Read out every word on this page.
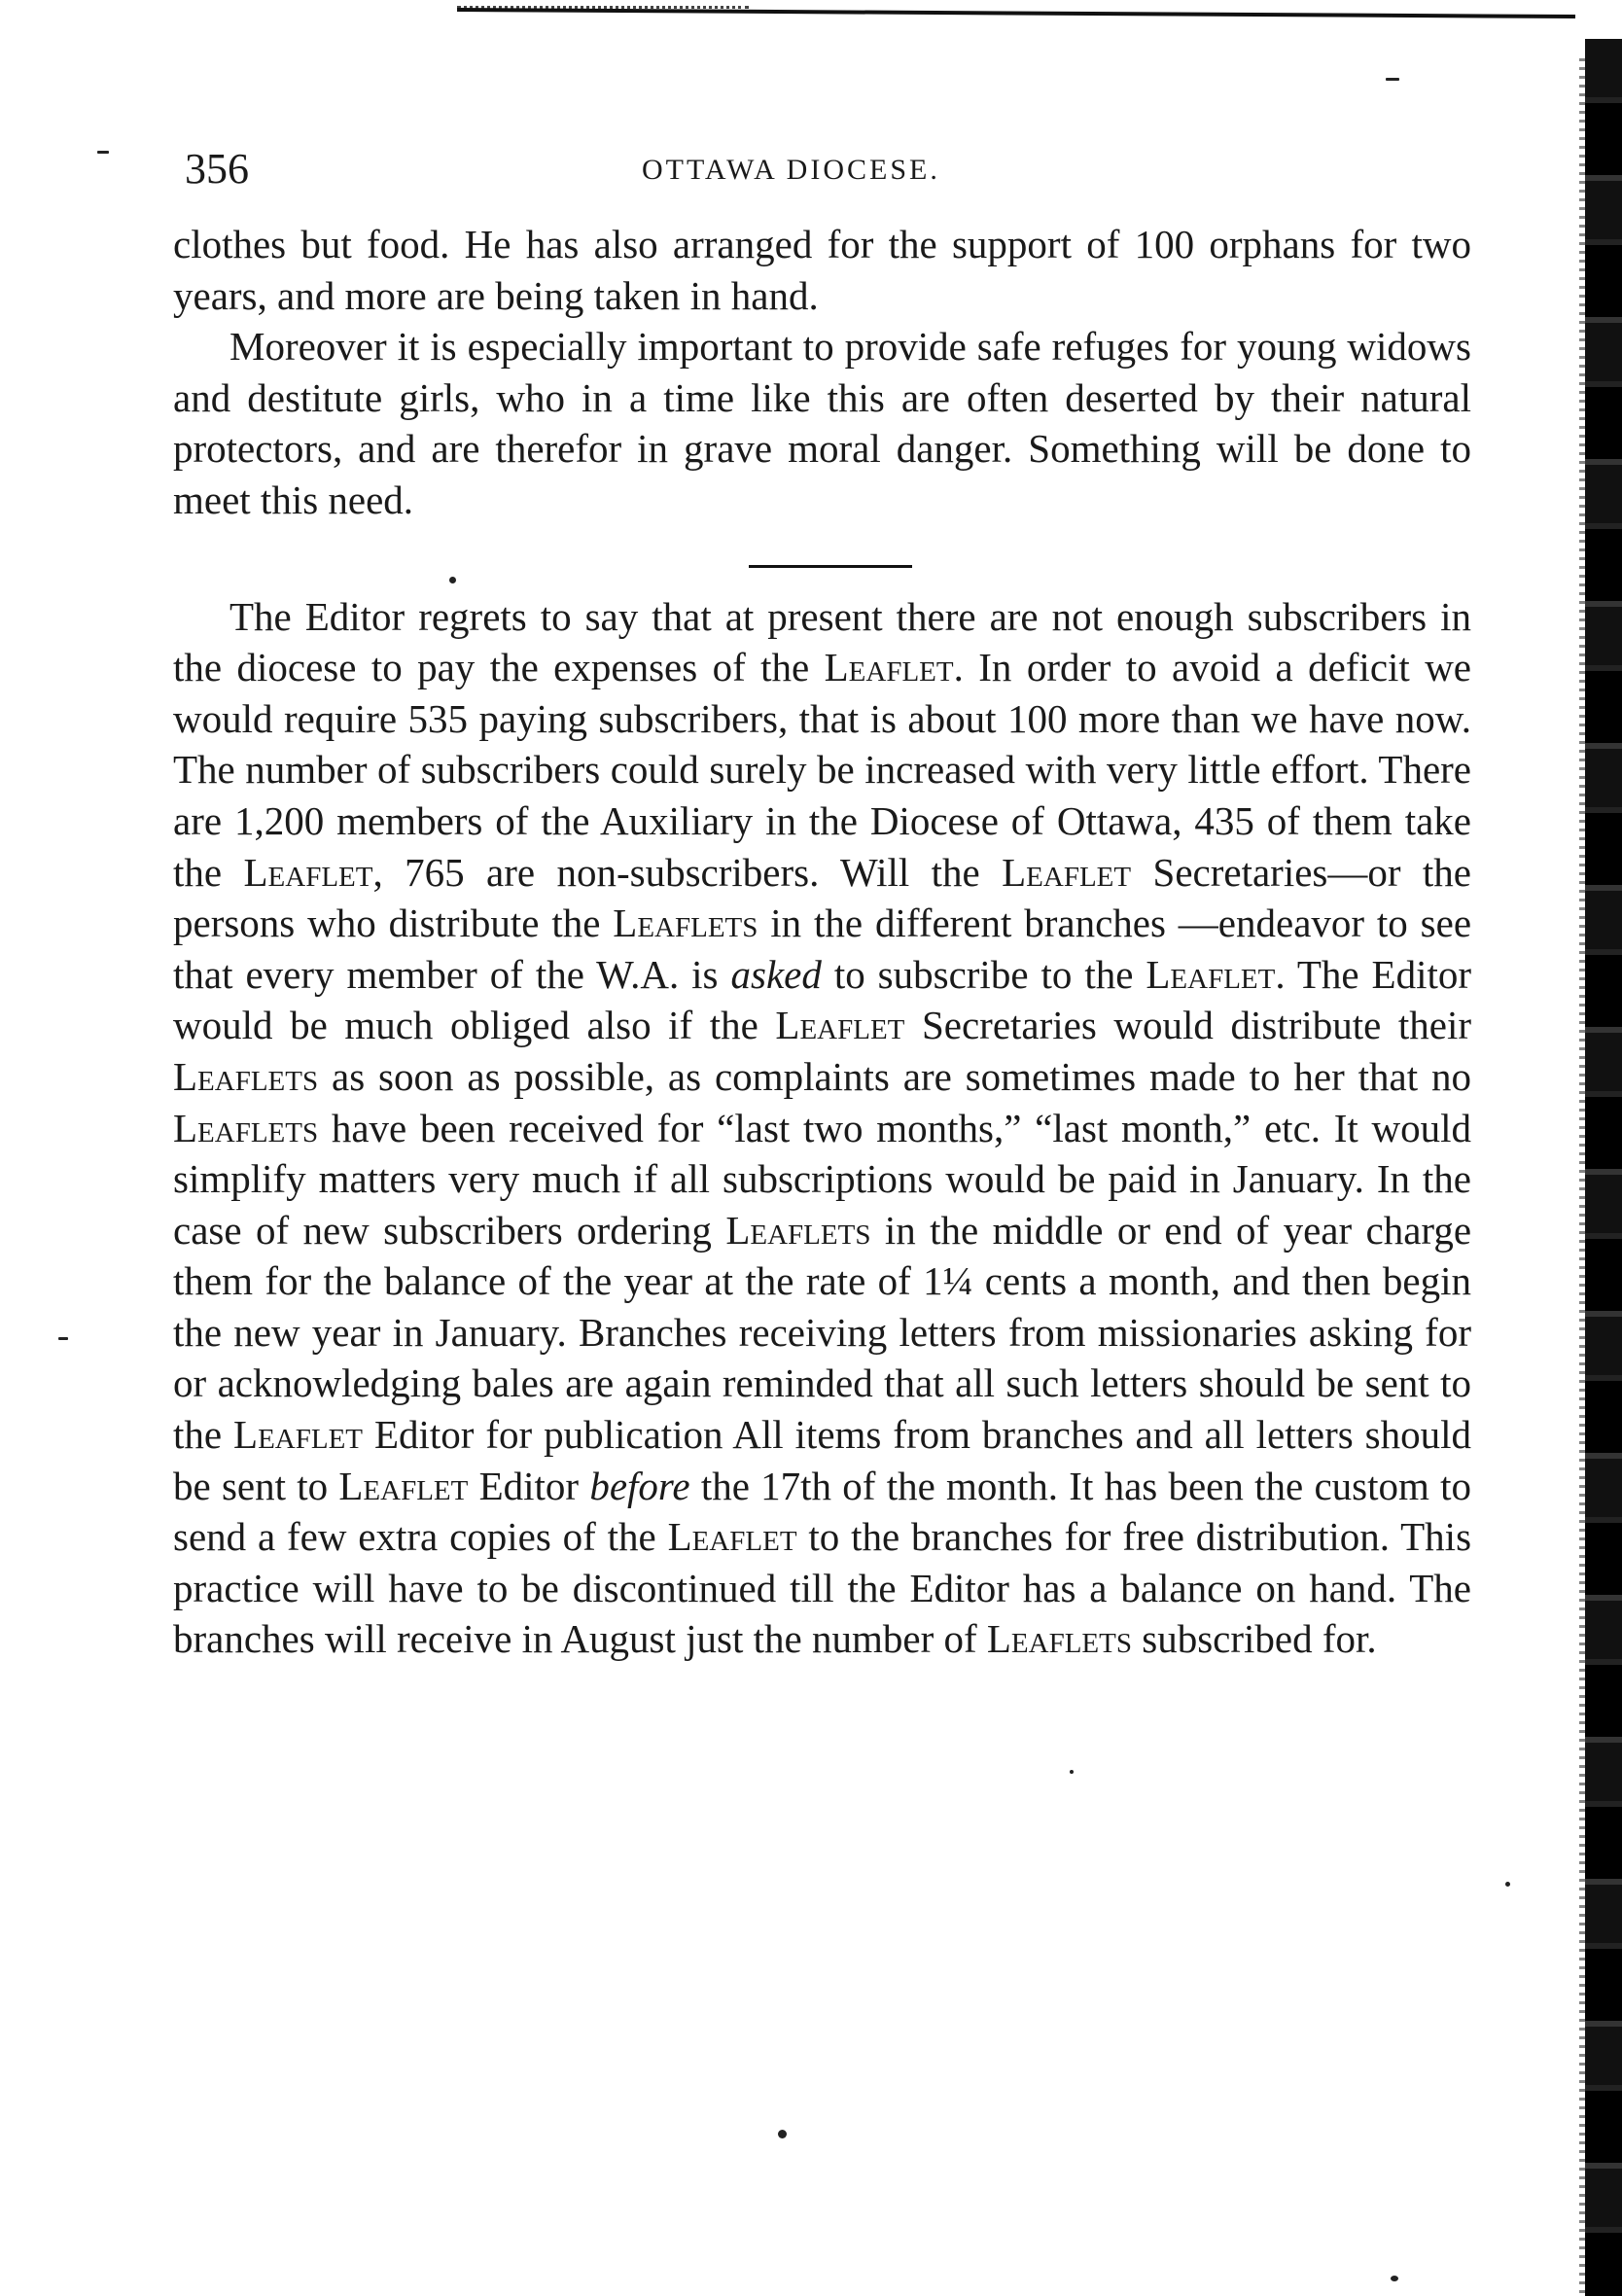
356	OTTAWA DIOCESE.

clothes but food. He has also arranged for the support of 100 orphans for two years, and more are being taken in hand.

Moreover it is especially important to provide safe refuges for young widows and destitute girls, who in a time like this are often deserted by their natural protectors, and are therefor in grave moral danger. Something will be done to meet this need.

The Editor regrets to say that at present there are not enough subscribers in the diocese to pay the expenses of the Leaflet. In order to avoid a deficit we would require 535 paying subscribers, that is about 100 more than we have now. The number of subscribers could surely be increased with very little effort. There are 1,200 members of the Auxiliary in the Diocese of Ottawa, 435 of them take the Leaflet, 765 are non-subscribers. Will the Leaflet Secretaries—or the persons who distribute the Leaflets in the different branches —endeavor to see that every member of the W.A. is asked to subscribe to the Leaflet. The Editor would be much obliged also if the Leaflet Secretaries would distribute their Leaflets as soon as possible, as complaints are sometimes made to her that no Leaflets have been received for “last two months,” “last month,” etc. It would simplify matters very much if all subscriptions would be paid in January. In the case of new subscribers ordering Leaflets in the middle or end of year charge them for the balance of the year at the rate of 1¼ cents a month, and then begin the new year in January. Branches receiving letters from missionaries asking for or acknowledging bales are again reminded that all such letters should be sent to the Leaflet Editor for publication All items from branches and all letters should be sent to Leaflet Editor before the 17th of the month. It has been the custom to send a few extra copies of the Leaflet to the branches for free distribution. This practice will have to be discontinued till the Editor has a balance on hand. The branches will receive in August just the number of Leaflets subscribed for.
